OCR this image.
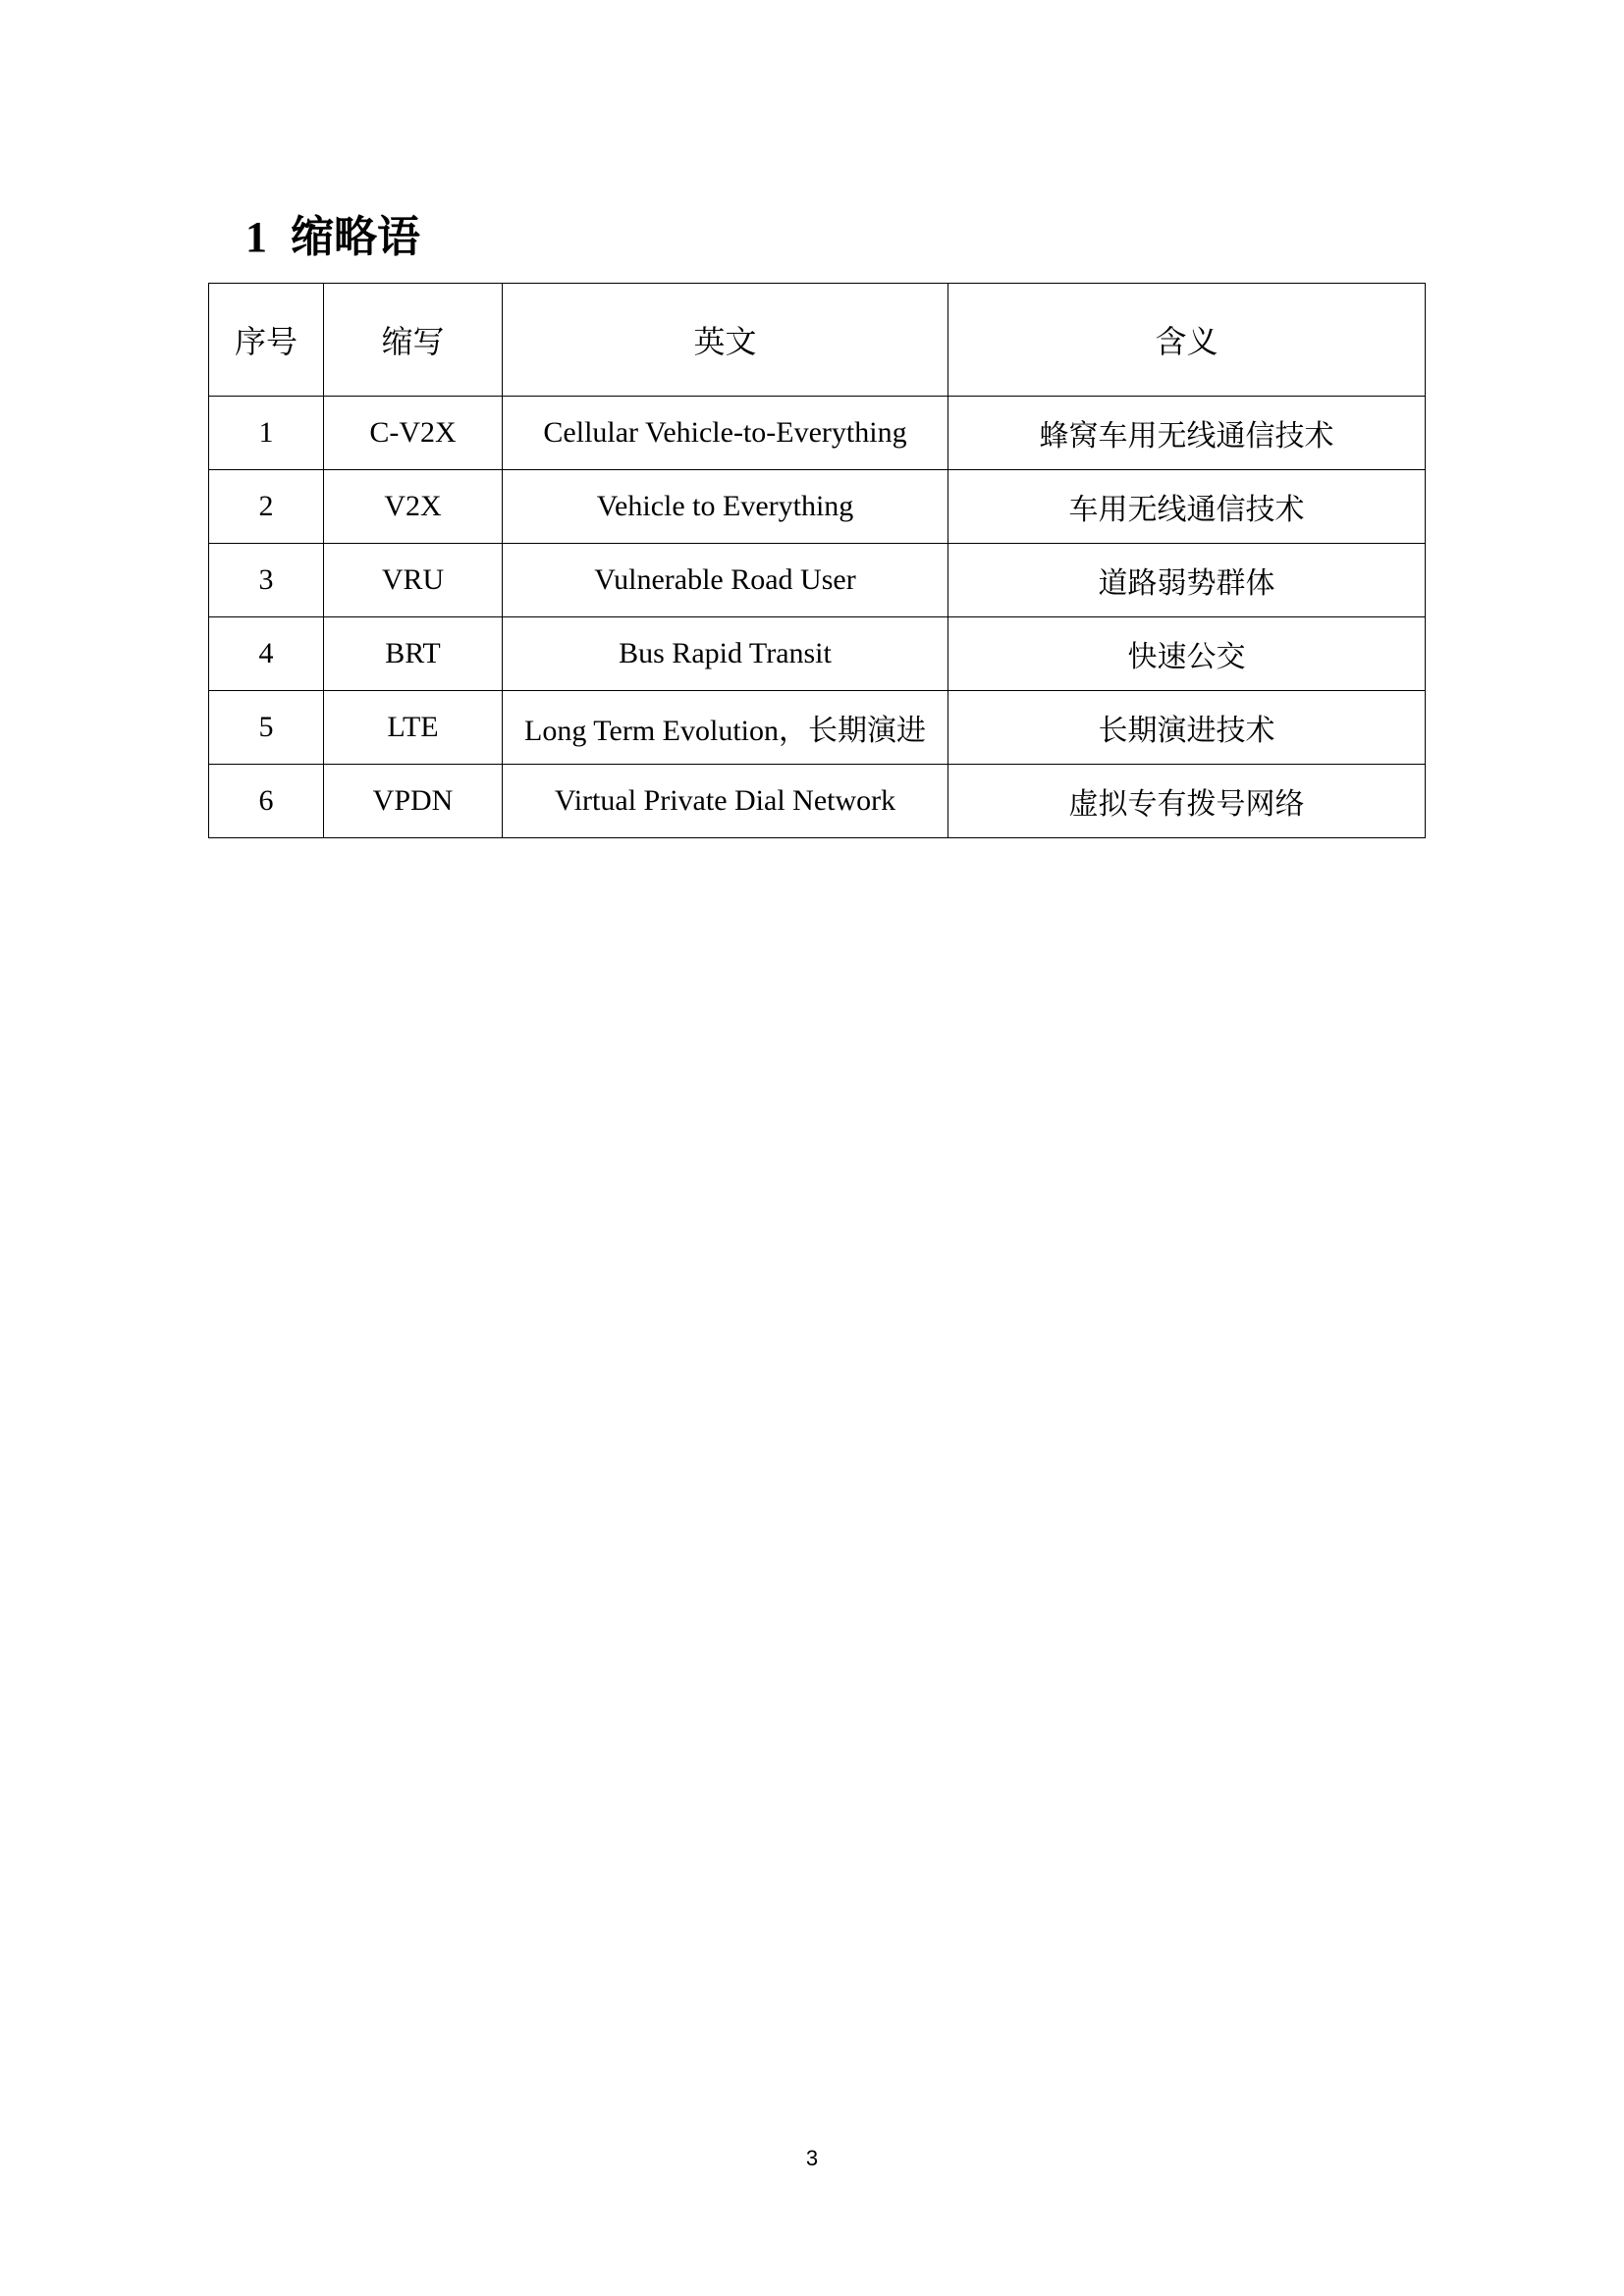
1 缩略语
序号	缩写	英文	含义
1	C-V2X	Cellular Vehicle-to-Everything	蜂窝车用无线通信技术
2	V2X	Vehicle to Everything	车用无线通信技术
3	VRU	Vulnerable Road User	道路弱势群体
4	BRT	Bus Rapid Transit	快速公交
5	LTE	Long Term Evolution，长期演进	长期演进技术
6	VPDN	Virtual Private Dial Network	虚拟专有拨号网络
3
